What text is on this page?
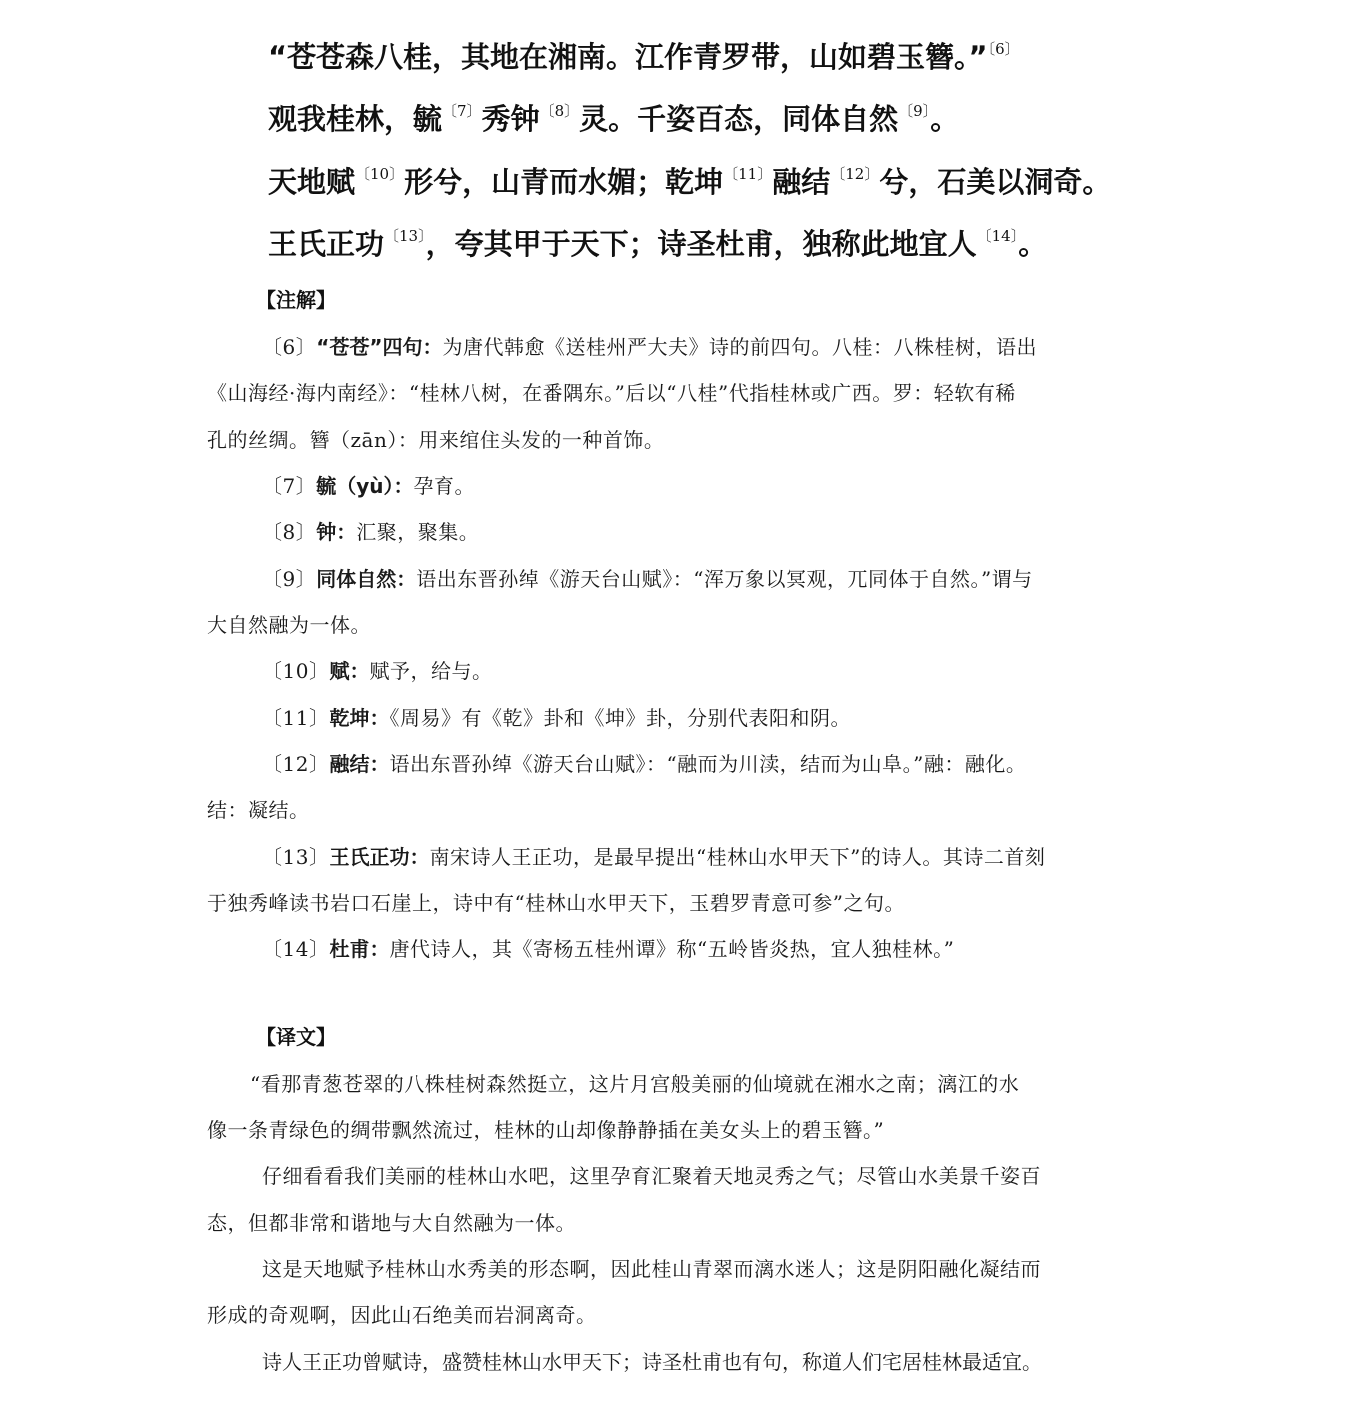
“苍苍森八桂，其地在湘南。江作青罗带，山如碧玉簪。”$^{〔6〕}$
观我桂林，毓$^{〔7〕}$秀钟$^{〔8〕}$灵。千姿百态，同体自然$^{〔9〕}$。
天地赋$^{〔10〕}$形兮，山青而水媚；乾坤$^{〔11〕}$融结$^{〔12〕}$兮，石美以洞奇。
王氏正功$^{〔13〕}$，夸其甲于天下；诗圣杜甫，独称此地宜人$^{〔14〕}$。
【注解】
〔6〕“苍苍”四句：为唐代韩愈《送桂州严大夫》诗的前四句。八桂：八株桂树，语出
《山海经·海内南经》：“桂林八树，在番隅东。”后以“八桂”代指桂林或广西。罗：轻软有稀
孔的丝绸。簪（zān）：用来绾住头发的一种首饰。
〔7〕毓（yù）：孕育。
〔8〕钟：汇聚，聚集。
〔9〕同体自然：语出东晋孙绰《游天台山赋》：“浑万象以冥观，兀同体于自然。”谓与
大自然融为一体。
〔10〕赋：赋予，给与。
〔11〕乾坤：《周易》有《乾》卦和《坤》卦，分别代表阳和阴。
〔12〕融结：语出东晋孙绰《游天台山赋》：“融而为川渎，结而为山阜。”融：融化。
结：凝结。
〔13〕王氏正功：南宋诗人王正功，是最早提出“桂林山水甲天下”的诗人。其诗二首刻
于独秀峰读书岩口石崖上，诗中有“桂林山水甲天下，玉碧罗青意可参”之句。
〔14〕杜甫：唐代诗人，其《寄杨五桂州谭》称“五岭皆炎热，宜人独桂林。”
【译文】
“看那青葱苍翠的八株桂树森然挺立，这片月宫般美丽的仙境就在湘水之南；漓江的水
像一条青绿色的绸带飘然流过，桂林的山却像静静插在美女头上的碧玉簪。”
仔细看看我们美丽的桂林山水吧，这里孕育汇聚着天地灵秀之气；尽管山水美景千姿百
态，但都非常和谐地与大自然融为一体。
这是天地赋予桂林山水秀美的形态啊，因此桂山青翠而漓水迷人；这是阴阳融化凝结而
形成的奇观啊，因此山石绝美而岩洞离奇。
诗人王正功曾赋诗，盛赞桂林山水甲天下；诗圣杜甫也有句，称道人们宅居桂林最适宜。
